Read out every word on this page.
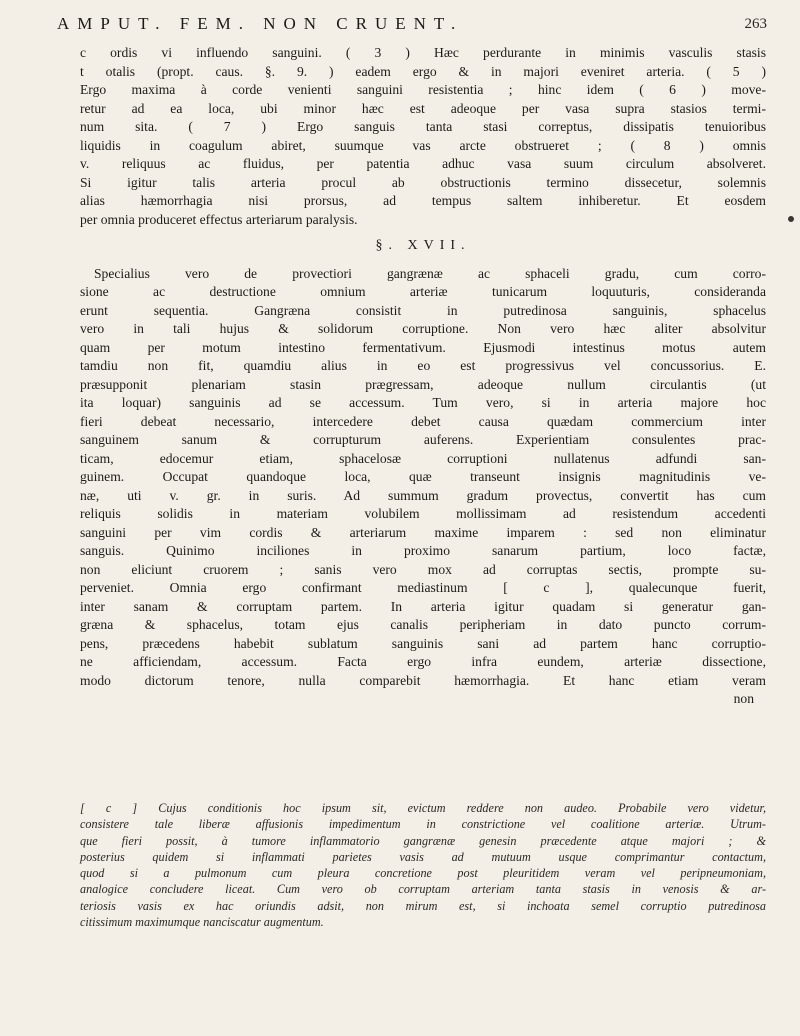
AMPUT. FEM. NON CRUENT.	263
c ordis vi influendo sanguini. ( 3 ) Hæc perdurante in minimis vasculis stasis
t otalis (propt. caus. §. 9. ) eadem ergo & in majori eveniret arteria. ( 5 )
Ergo maxima à corde venienti sanguini resistentia ; hinc idem ( 6 ) move-
retur ad ea loca, ubi minor hæc est adeoque per vasa supra stasios termi-
num sita. ( 7 ) Ergo sanguis tanta stasi correptus, dissipatis tenuioribus
liquidis in coagulum abiret, suumque vas arcte obstrueret ; ( 8 ) omnis
v. reliquus ac fluidus, per patentia adhuc vasa suum circulum absolveret.
Si igitur talis arteria procul ab obstructionis termino dissecetur, solemnis
alias hæmorrhagia nisi prorsus, ad tempus saltem inhiberetur. Et eosdem
per omnia produceret effectus arteriarum paralysis.
§. XVII.
Specialius vero de provectiori gangrænæ ac sphaceli gradu, cum corro-
sione ac destructione omnium arteriæ tunicarum loquuturis, consideranda
erunt sequentia. Gangræna consistit in putredinosa sanguinis, sphacelus
vero in tali hujus & solidorum corruptione. Non vero hæc aliter absolvitur
quam per motum intestino fermentativum. Ejusmodi intestinus motus autem
tamdiu non fit, quamdiu alius in eo est progressivus vel concussorius. E.
præsupponit plenariam stasin prægressam, adeoque nullum circulantis (ut
ita loquar) sanguinis ad se accessum. Tum vero, si in arteria majore hoc
fieri debeat necessario, intercedere debet causa quædam commercium inter
sanguinem sanum & corrupturum auferens. Experientiam consulentes prac-
ticam, edocemur etiam, sphacelosæ corruptioni nullatenus adfundi san-
guinem. Occupat quandoque loca, quæ transeunt insignis magnitudinis ve-
næ, uti v. gr. in suris. Ad summum gradum provectus, convertit has cum
reliquis solidis in materiam volubilem mollissimam ad resistendum accedenti
sanguini per vim cordis & arteriarum maxime imparem : sed non eliminatur
sanguis. Quinimo inciliones in proximo sanarum partium, loco factæ,
non eliciunt cruorem ; sanis vero mox ad corruptas sectis, prompte su-
perveniet. Omnia ergo confirmant mediastinum [ c ], qualecunque fuerit,
inter sanam & corruptam partem. In arteria igitur quadam si generatur gan-
græna & sphacelus, totam ejus canalis peripheriam in dato puncto corrum-
pens, præcedens habebit sublatum sanguinis sani ad partem hanc corruptio-
ne afficiendam, accessum. Facta ergo infra eundem, arteriæ dissectione,
modo dictorum tenore, nulla comparebit hæmorrhagia. Et hanc etiam veram
non
[ c ] Cujus conditionis hoc ipsum sit, evictum reddere non audeo. Probabile vero videtur,
consistere tale liberæ affusionis impedimentum in constrictione vel coalitione arteriæ. Utrum-
que fieri possit, à tumore inflammatorio gangrænæ genesin præcedente atque majori ; &
posterius quidem si inflammati parietes vasis ad mutuum usque comprimantur contactum,
quod si a pulmonum cum pleura concretione post pleuritidem veram vel peripneumoniam,
analogice concludere liceat. Cum vero ob corruptam arteriam tanta stasis in venosis & ar-
teriosis vasis ex hac oriundis adsit, non mirum est, si inchoata semel corruptio putredinosa
citissimum maximumque nanciscatur augmentum.
